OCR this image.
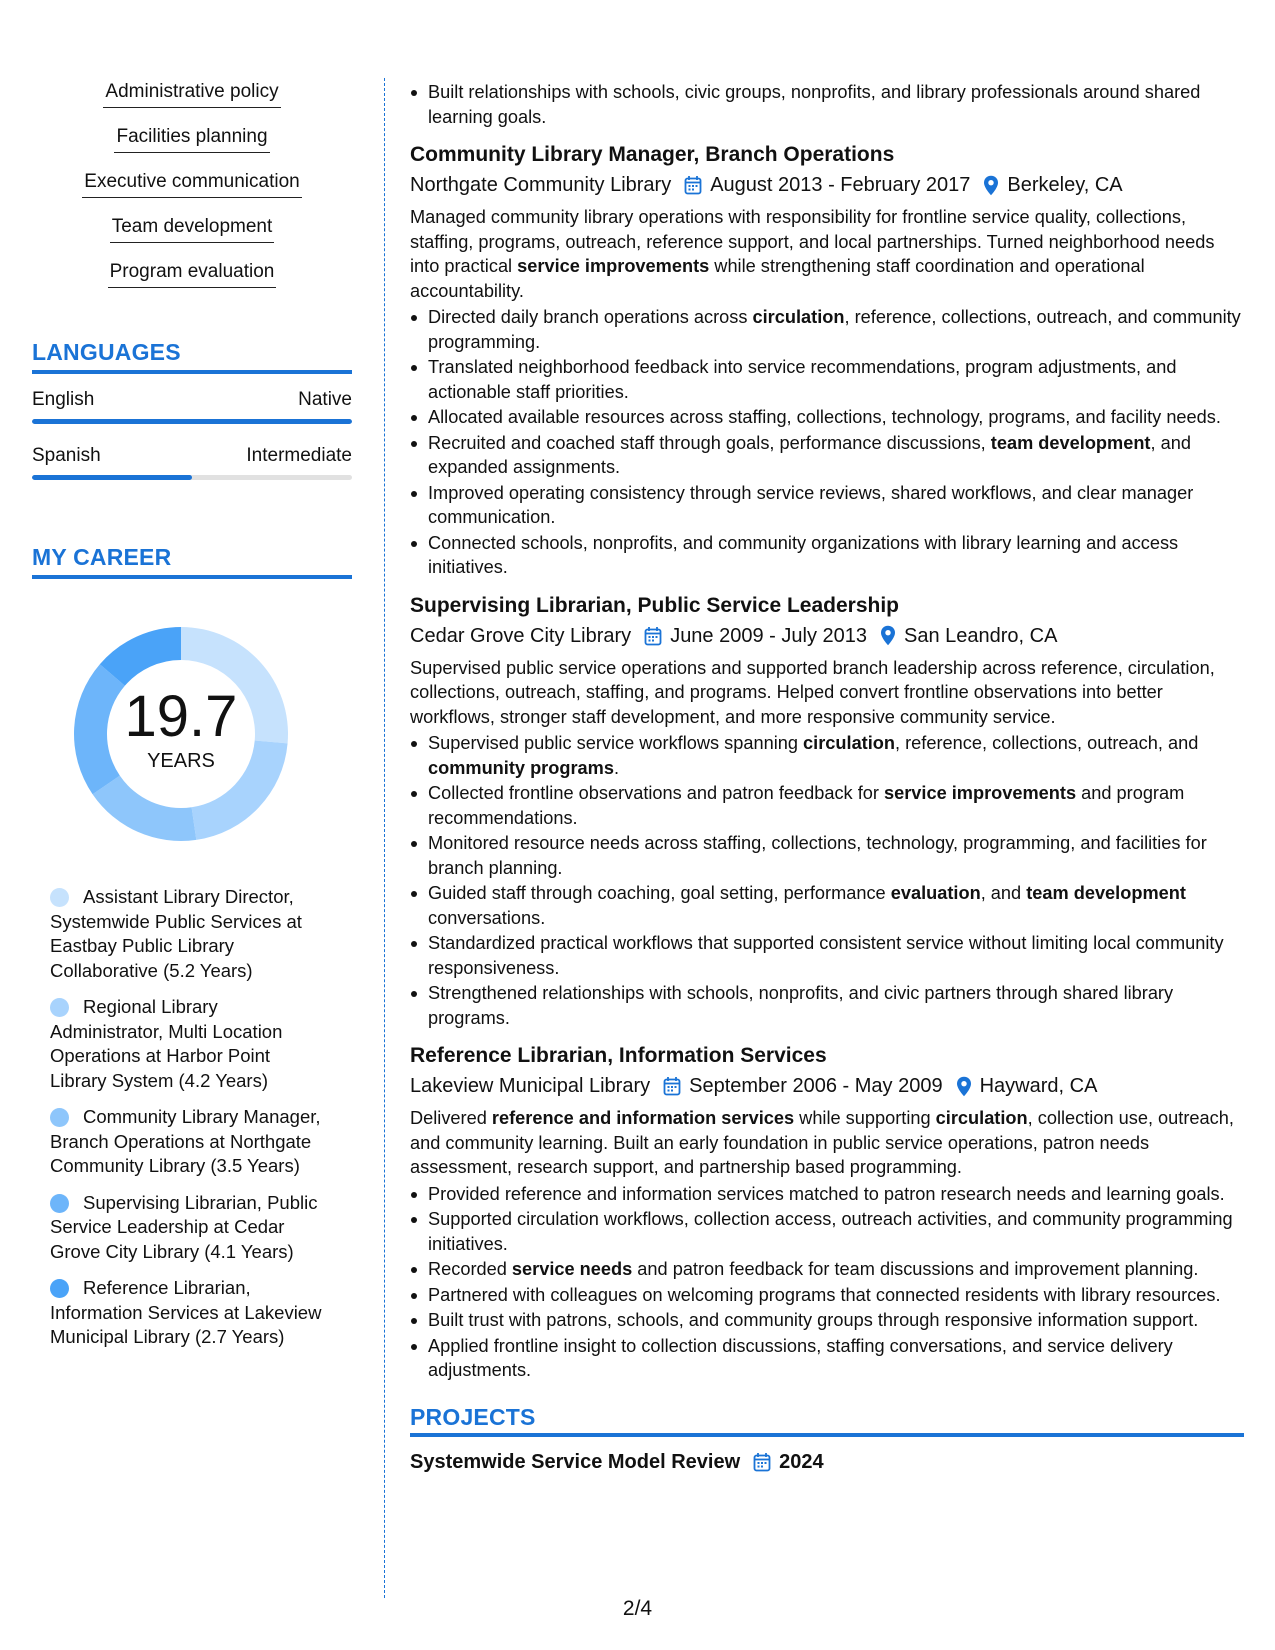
Administrative policy
Facilities planning
Executive communication
Team development
Program evaluation
LANGUAGES
English	Native
Spanish	Intermediate
MY CAREER
19.7
YEARS
Assistant Library Director, Systemwide Public Services at Eastbay Public Library Collaborative (5.2 Years)
Regional Library Administrator, Multi Location Operations at Harbor Point Library System (4.2 Years)
Community Library Manager, Branch Operations at Northgate Community Library (3.5 Years)
Supervising Librarian, Public Service Leadership at Cedar Grove City Library (4.1 Years)
Reference Librarian, Information Services at Lakeview Municipal Library (2.7 Years)
Built relationships with schools, civic groups, nonprofits, and library professionals around shared learning goals.
Community Library Manager, Branch Operations
Northgate Community Library August 2013 - February 2017 Berkeley, CA
Managed community library operations with responsibility for frontline service quality, collections, staffing, programs, outreach, reference support, and local partnerships. Turned neighborhood needs into practical service improvements while strengthening staff coordination and operational accountability.
Directed daily branch operations across circulation, reference, collections, outreach, and community programming.
Translated neighborhood feedback into service recommendations, program adjustments, and actionable staff priorities.
Allocated available resources across staffing, collections, technology, programs, and facility needs.
Recruited and coached staff through goals, performance discussions, team development, and expanded assignments.
Improved operating consistency through service reviews, shared workflows, and clear manager communication.
Connected schools, nonprofits, and community organizations with library learning and access initiatives.
Supervising Librarian, Public Service Leadership
Cedar Grove City Library June 2009 - July 2013 San Leandro, CA
Supervised public service operations and supported branch leadership across reference, circulation, collections, outreach, staffing, and programs. Helped convert frontline observations into better workflows, stronger staff development, and more responsive community service.
Supervised public service workflows spanning circulation, reference, collections, outreach, and community programs.
Collected frontline observations and patron feedback for service improvements and program recommendations.
Monitored resource needs across staffing, collections, technology, programming, and facilities for branch planning.
Guided staff through coaching, goal setting, performance evaluation, and team development conversations.
Standardized practical workflows that supported consistent service without limiting local community responsiveness.
Strengthened relationships with schools, nonprofits, and civic partners through shared library programs.
Reference Librarian, Information Services
Lakeview Municipal Library September 2006 - May 2009 Hayward, CA
Delivered reference and information services while supporting circulation, collection use, outreach, and community learning. Built an early foundation in public service operations, patron needs assessment, research support, and partnership based programming.
Provided reference and information services matched to patron research needs and learning goals.
Supported circulation workflows, collection access, outreach activities, and community programming initiatives.
Recorded service needs and patron feedback for team discussions and improvement planning.
Partnered with colleagues on welcoming programs that connected residents with library resources.
Built trust with patrons, schools, and community groups through responsive information support.
Applied frontline insight to collection discussions, staffing conversations, and service delivery adjustments.
PROJECTS
Systemwide Service Model Review 2024
2/4
